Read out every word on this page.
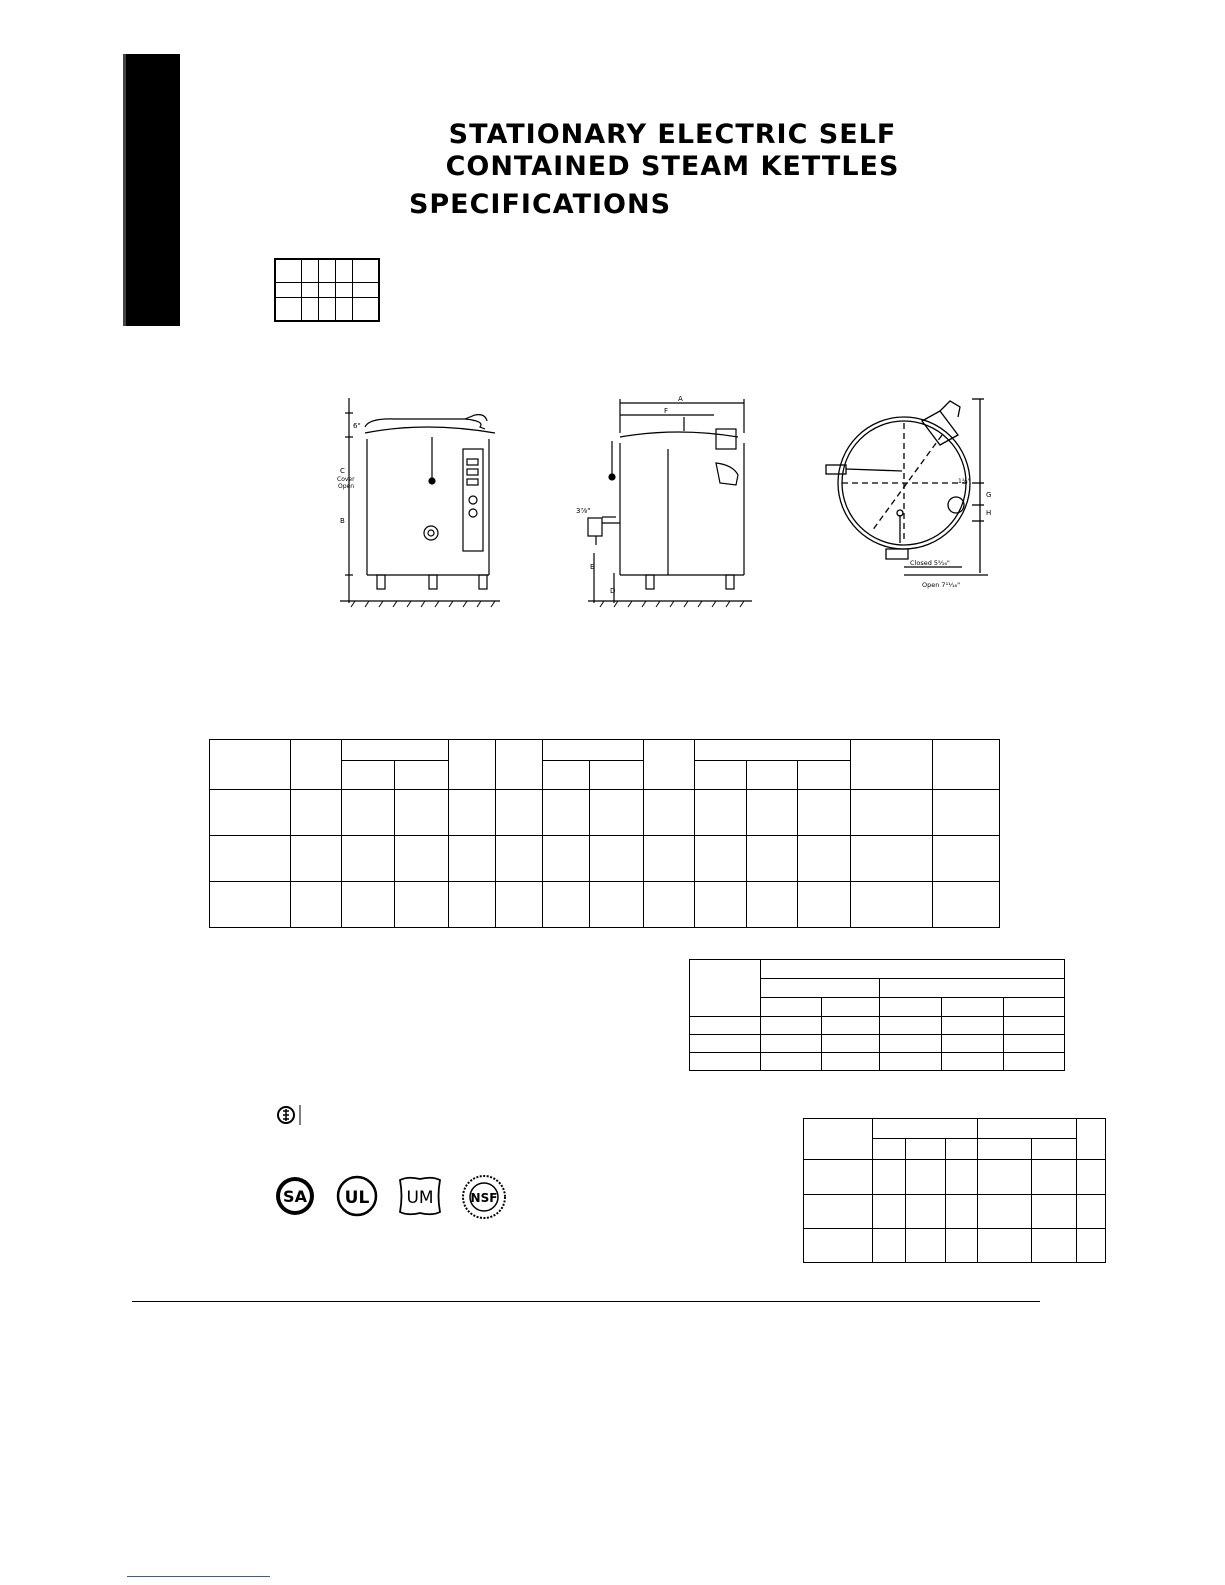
STATIONARY ELECTRIC SELF
CONTAINED STEAM KETTLES
SPECIFICATIONS

6"
C
Cover
Open
B
A
F
3⁷⁄₈"
E
D
1¾"
G
H
Closed 5⁵⁄₁₆"
Open 7¹¹⁄₁₆"

SA UL UM	NSF
